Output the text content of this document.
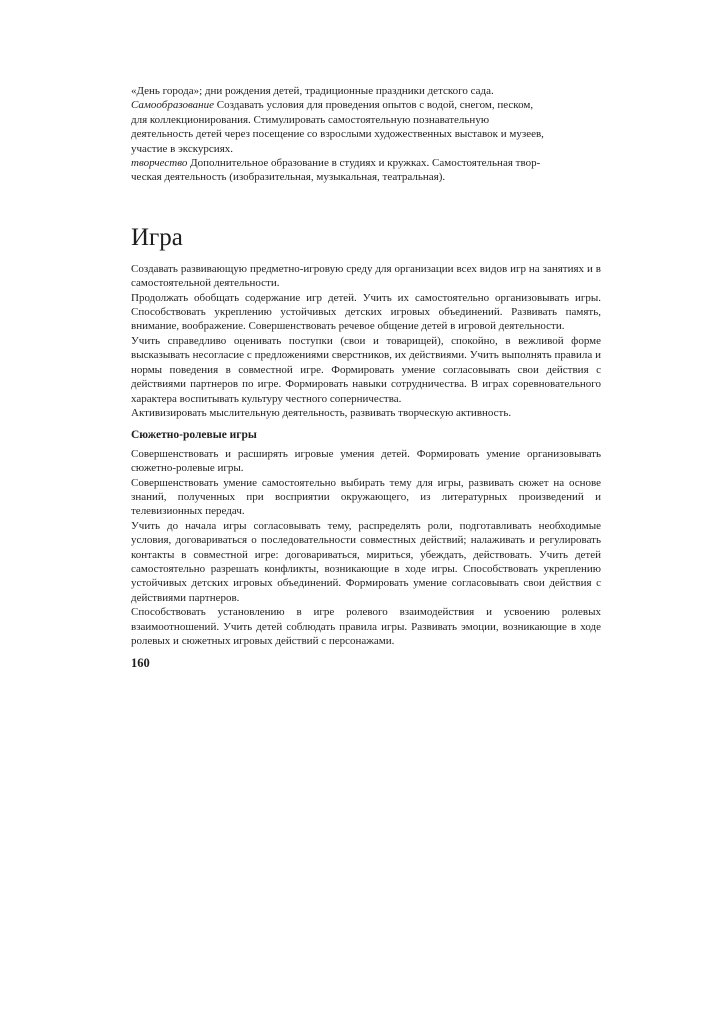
«День города»; дни рождения детей, традиционные праздники детского сада.
Самообразование Создавать условия для проведения опытов с водой, снегом, песком,
для коллекционирования. Стимулировать самостоятельную познавательную
деятельность детей через посещение со взрослыми художественных выставок и музеев,
участие в экскурсиях.
творчество Дополнительное образование в студиях и кружках. Самостоятельная твор-
ческая деятельность (изобразительная, музыкальная, театральная).
Игра

Создавать развивающую предметно-игровую среду для организации всех видов игр на занятиях и в самостоятельной деятельности.

Продолжать обобщать содержание игр детей. Учить их самостоятельно организовывать игры. Способствовать укреплению устойчивых детских игровых объединений. Развивать память, внимание, воображение. Совершенствовать речевое общение детей в игровой деятельности.

Учить справедливо оценивать поступки (свои и товарищей), спокойно, в вежливой форме высказывать несогласие с предложениями сверстников, их действиями. Учить выполнять правила и нормы поведения в совместной игре. Формировать умение согласовывать свои действия с действиями партнеров по игре. Формировать навыки сотрудничества. В играх соревновательного характера воспитывать культуру честного соперничества.

Активизировать мыслительную деятельность, развивать творческую активность.

Сюжетно-ролевые игры

Совершенствовать и расширять игровые умения детей. Формировать умение организовывать сюжетно-ролевые игры.

Совершенствовать умение самостоятельно выбирать тему для игры, развивать сюжет на основе знаний, полученных при восприятии окружающего, из литературных произведений и телевизионных передач.

Учить до начала игры согласовывать тему, распределять роли, подготавливать необходимые условия, договариваться о последовательности совместных действий; налаживать и регулировать контакты в совместной игре: договариваться, мириться, убеждать, действовать. Учить детей самостоятельно разрешать конфликты, возникающие в ходе игры. Способствовать укреплению устойчивых детских игровых объединений. Формировать умение согласовывать свои действия с действиями партнеров.

Способствовать установлению в игре ролевого взаимодействия и усвоению ролевых взаимоотношений. Учить детей соблюдать правила игры. Развивать эмоции, возникающие в ходе ролевых и сюжетных игровых действий с персонажами.

160
